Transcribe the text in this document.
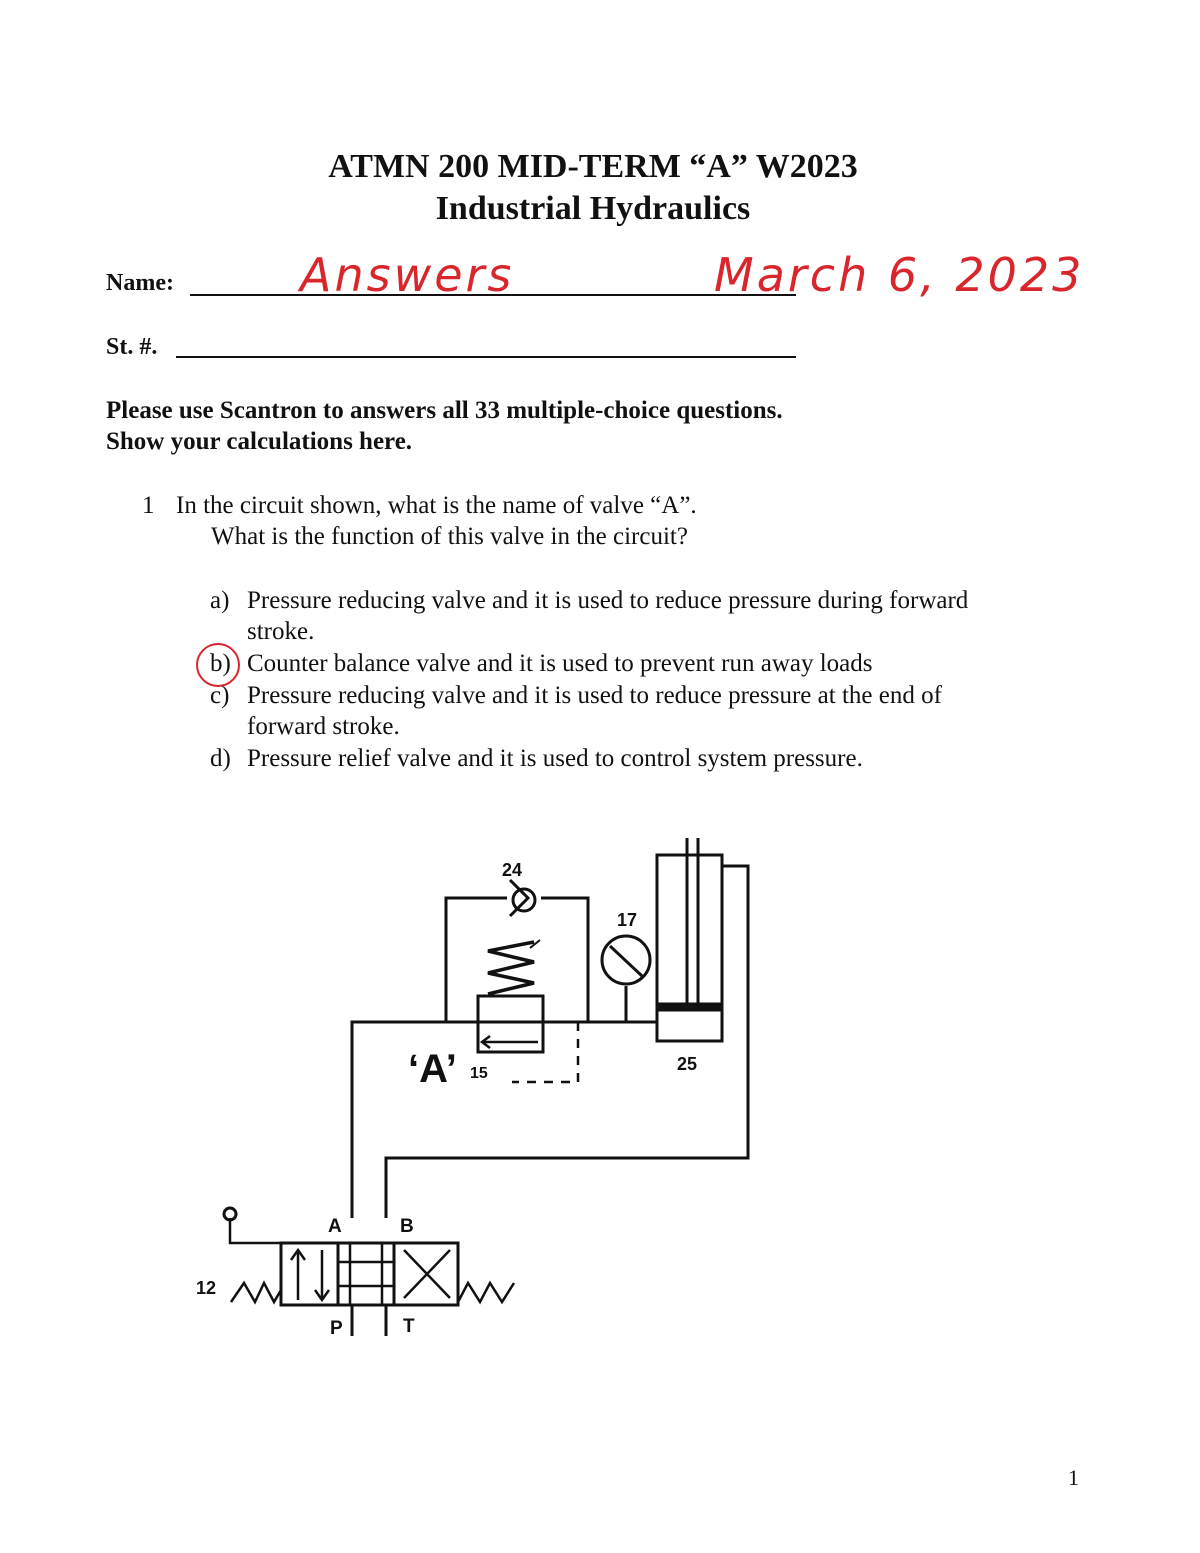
ATMN 200 MID-TERM “A” W2023
Industrial Hydraulics
Name:	Answers	March 6, 2023
St. #.
Please use Scantron to answers all 33 multiple-choice questions.
Show your calculations here.
1 In the circuit shown, what is the name of valve “A”.
What is the function of this valve in the circuit?
a) Pressure reducing valve and it is used to reduce pressure during forward
stroke.
b) Counter balance valve and it is used to prevent run away loads
c) Pressure reducing valve and it is used to reduce pressure at the end of
forward stroke.
d) Pressure relief valve and it is used to control system pressure.
24
17
‘A’ 15	25
12
A	B
P	T
1
